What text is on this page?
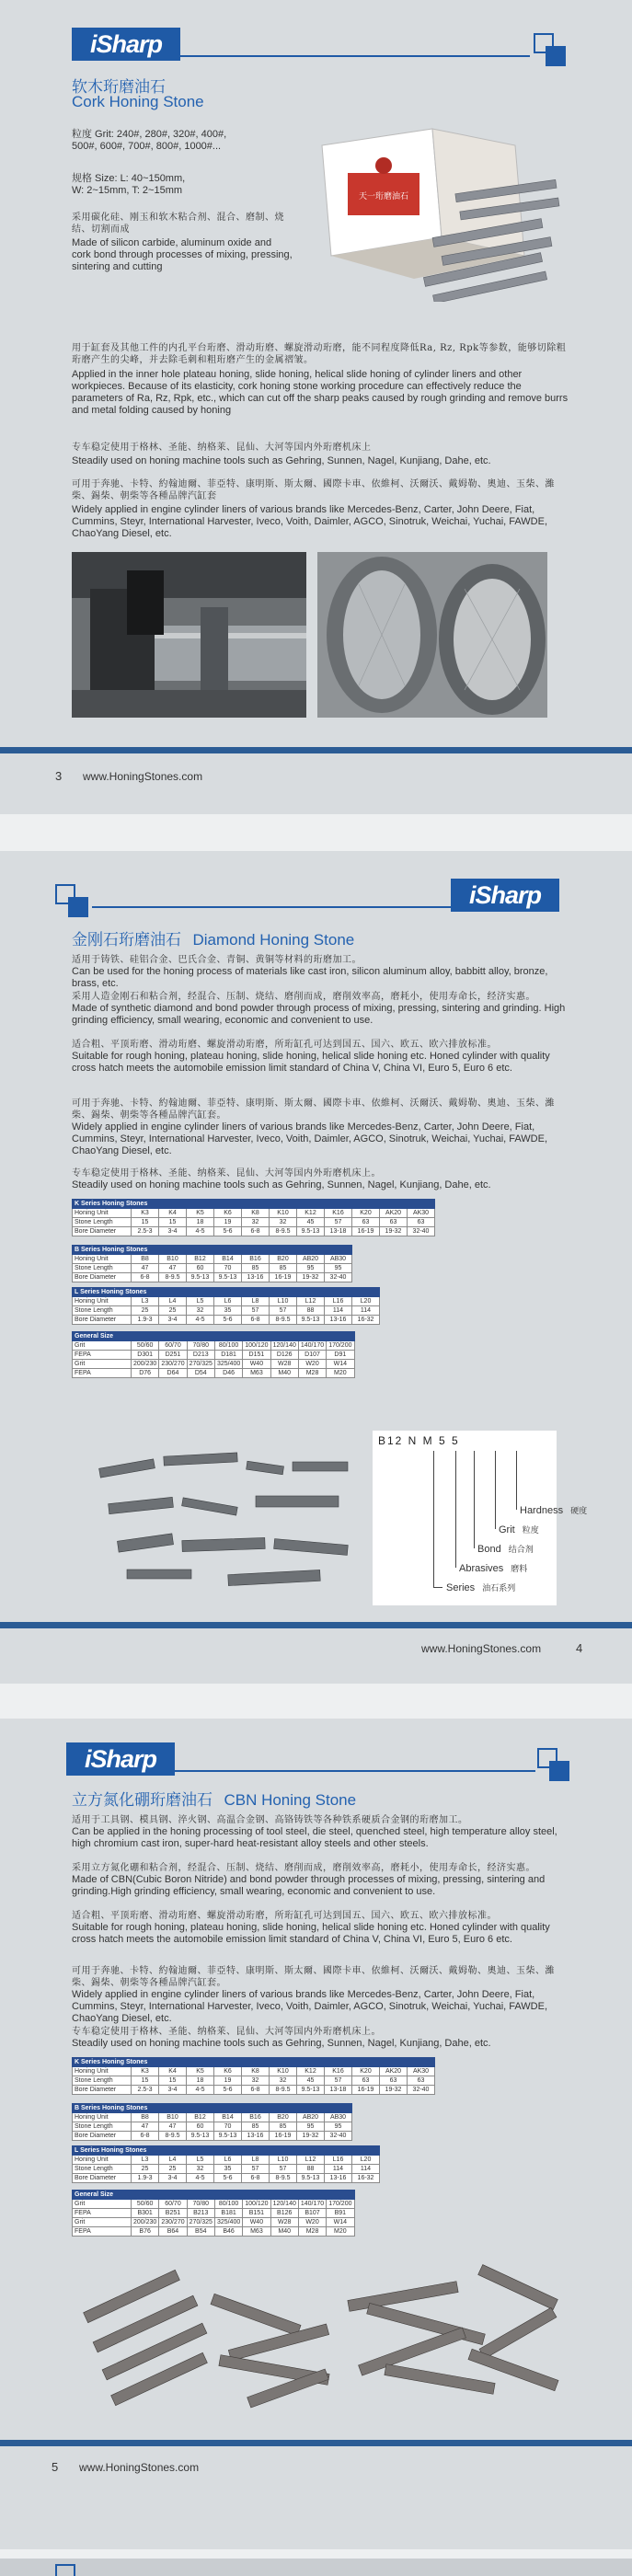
iSharp
软木珩磨油石
Cork Honing Stone
粒度 Grit: 240#, 280#, 320#, 400#,
500#, 600#, 700#, 800#, 1000#...
规格 Size: L: 40~150mm,
W: 2~15mm, T: 2~15mm
采用碳化硅、刚玉和软木粘合剂、混合、磨制、烧结、切割而成
Made of silicon carbide, aluminum oxide and cork bond through processes of mixing, pressing, sintering and cutting
天一珩磨油石
用于缸套及其他工件的内孔平台珩磨、滑动珩磨、螺旋滑动珩磨，能不同程度降低Ra, Rz, Rpk等参数，能够切除粗珩磨产生的尖峰，并去除毛刺和粗珩磨产生的金属褶皱。
Applied in the inner hole plateau honing, slide honing, helical slide honing of cylinder liners and other workpieces. Because of its elasticity, cork honing stone working procedure can effectively reduce the parameters of Ra, Rz, Rpk, etc., which can cut off the sharp peaks caused by rough grinding and remove burrs and metal folding caused by honing
专车稳定使用于格林、圣能、纳格莱、昆仙、大河等国内外珩磨机床上
Steadily used on honing machine tools such as Gehring, Sunnen, Nagel, Kunjiang, Dahe, etc.
可用于奔驰、卡特、約翰迪爾、菲亞特、康明斯、斯太爾、國際卡車、依維柯、沃爾沃、戴姆勒、奧迪、玉柴、濰柴、錫柴、朝柴等各種品牌汽缸套
Widely applied in engine cylinder liners of various brands like Mercedes-Benz, Carter, John Deere, Fiat, Cummins, Steyr, International Harvester, Iveco, Voith, Daimler, AGCO, Sinotruk, Weichai, Yuchai, FAWDE, ChaoYang Diesel, etc.
3 www.HoningStones.com
iSharp
金刚石珩磨油石 Diamond Honing Stone
适用于铸铁、硅铝合金、巴氏合金、青铜、黄铜等材料的珩磨加工。
Can be used for the honing process of materials like cast iron, silicon aluminum alloy, babbitt alloy, bronze, brass, etc.
采用人造金刚石和粘合剂，经混合、压制、烧结、磨削而成，磨削效率高，磨耗小，使用寿命长，经济实惠。
Made of synthetic diamond and bond powder through process of mixing, pressing, sintering and grinding. High grinding efficiency, small wearing, economic and convenient to use.
适合粗、平顶珩磨、滑动珩磨、螺旋滑动珩磨，所珩缸孔可达到国五、国六、欧五、欧六排放标准。
Suitable for rough honing, plateau honing, slide honing, helical slide honing etc. Honed cylinder with quality cross hatch meets the automobile emission limit standard of China V, China VI, Euro 5, Euro 6 etc.
可用于奔驰、卡特、約翰迪爾、菲亞特、康明斯、斯太爾、國際卡車、依維柯、沃爾沃、戴姆勒、奧迪、玉柴、濰柴、錫柴、朝柴等各種品牌汽缸套。
Widely applied in engine cylinder liners of various brands like Mercedes-Benz, Carter, John Deere, Fiat, Cummins, Steyr, International Harvester, Iveco, Voith, Daimler, AGCO, Sinotruk, Weichai, Yuchai, FAWDE, ChaoYang Diesel, etc.
专车稳定使用于格林、圣能、纳格莱、昆仙、大河等国内外珩磨机床上。
Steadily used on honing machine tools such as Gehring, Sunnen, Nagel, Kunjiang, Dahe, etc.
K Series Honing Stones											
Honing Unit	K3	K4	K5	K6	K8	K10	K12	K16	K20	AK20	AK30
Stone Length	15	15	18	19	32	32	45	57	63	63	63
Bore Diameter	2.5-3	3-4	4-5	5-6	6-8	8-9.5	9.5-13	13-18	16-19	19-32	32-40
B Series Honing Stones								
Honing Unit	B8	B10	B12	B14	B16	B20	AB20	AB30
Stone Length	47	47	60	70	85	85	95	95
Bore Diameter	6-8	8-9.5	9.5-13	9.5-13	13-16	16-19	19-32	32-40
L Series Honing Stones									
Honing Unit	L3	L4	L5	L6	L8	L10	L12	L16	L20
Stone Length	25	25	32	35	57	57	88	114	114
Bore Diameter	1.9-3	3-4	4-5	5-6	6-8	8-9.5	9.5-13	13-16	16-32
General Size								
Grit	50/60	60/70	70/80	80/100	100/120	120/140	140/170	170/200
FEPA	D301	D251	D213	D181	D151	D126	D107	D91
Grit	200/230	230/270	270/325	325/400	W40	W28	W20	W14
FEPA	D76	D64	D54	D46	M63	M40	M28	M20
B12 N M 5 5
Hardness 硬度
Grit 粒度
Bond 结合剂
Abrasives 磨料
Series 油石系列
www.HoningStones.com	4
iSharp
立方氮化硼珩磨油石 CBN Honing Stone
适用于工具钢、模具钢、淬火钢、高温合金钢、高铬铸铁等各种铁系硬质合金钢的珩磨加工。
Can be applied in the honing processing of tool steel, die steel, quenched steel, high temperature alloy steel, high chromium cast iron, super-hard heat-resistant alloy steels and other steels.
采用立方氮化硼和粘合剂，经混合、压制、烧结、磨削而成，磨削效率高，磨耗小，使用寿命长，经济实惠。
Made of CBN(Cubic Boron Nitride) and bond powder through processes of mixing, pressing, sintering and grinding.High grinding efficiency, small wearing, economic and convenient to use.
适合粗、平顶珩磨、滑动珩磨、螺旋滑动珩磨，所珩缸孔可达到国五、国六、欧五、欧六排放标准。
Suitable for rough honing, plateau honing, slide honing, helical slide honing etc. Honed cylinder with quality cross hatch meets the automobile emission limit standard of China V, China VI, Euro 5, Euro 6 etc.
可用于奔驰、卡特、約翰迪爾、菲亞特、康明斯、斯太爾、國際卡車、依維柯、沃爾沃、戴姆勒、奧迪、玉柴、濰柴、錫柴、朝柴等各種品牌汽缸套。
Widely applied in engine cylinder liners of various brands like Mercedes-Benz, Carter, John Deere, Fiat, Cummins, Steyr, International Harvester, Iveco, Voith, Daimler, AGCO, Sinotruk, Weichai, Yuchai, FAWDE, ChaoYang Diesel, etc.
专车稳定使用于格林、圣能、纳格莱、昆仙、大河等国内外珩磨机床上。
Steadily used on honing machine tools such as Gehring, Sunnen, Nagel, Kunjiang, Dahe, etc.
K Series Honing Stones											
Honing Unit	K3	K4	K5	K6	K8	K10	K12	K16	K20	AK20	AK30
Stone Length	15	15	18	19	32	32	45	57	63	63	63
Bore Diameter	2.5-3	3-4	4-5	5-6	6-8	8-9.5	9.5-13	13-18	16-19	19-32	32-40
B Series Honing Stones								
Honing Unit	B8	B10	B12	B14	B16	B20	AB20	AB30
Stone Length	47	47	60	70	85	85	95	95
Bore Diameter	6-8	8-9.5	9.5-13	9.5-13	13-16	16-19	19-32	32-40
L Series Honing Stones									
Honing Unit	L3	L4	L5	L6	L8	L10	L12	L16	L20
Stone Length	25	25	32	35	57	57	88	114	114
Bore Diameter	1.9-3	3-4	4-5	5-6	6-8	8-9.5	9.5-13	13-16	16-32
General Size								
Grit	50/60	60/70	70/80	80/100	100/120	120/140	140/170	170/200
FEPA	B301	B251	B213	B181	B151	B126	B107	B91
Grit	200/230	230/270	270/325	325/400	W40	W28	W20	W14
FEPA	B76	B64	B54	B46	M63	M40	M28	M20
5 www.HoningStones.com
